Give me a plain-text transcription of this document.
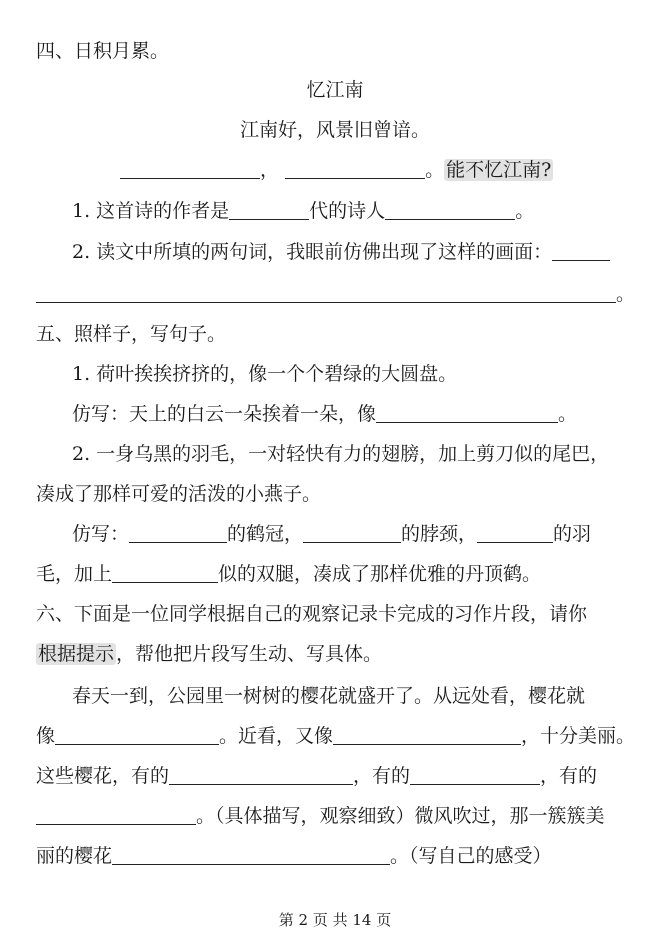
四、日积月累。
忆江南
江南好，风景旧曾谙。
，	。 能不忆江南?
1. 这首诗的作者是	代的诗人	。
2. 读文中所填的两句词，我眼前仿佛出现了这样的画面：
。
五、照样子，写句子。
1. 荷叶挨挨挤挤的，像一个个碧绿的大圆盘。
仿写：天上的白云一朵挨着一朵，像	。
2. 一身乌黑的羽毛，一对轻快有力的翅膀，加上剪刀似的尾巴，
凑成了那样可爱的活泼的小燕子。
仿写：	的鹤冠，	的脖颈，	的羽
毛，加上	似的双腿，凑成了那样优雅的丹顶鹤。
六、下面是一位同学根据自己的观察记录卡完成的习作片段，请你
根据提示 ，帮他把片段写生动、写具体。
春天一到，公园里一树树的樱花就盛开了。从远处看，樱花就
像	。近看，又像	，十分美丽。
这些樱花，有的	，有的	，有的
。（具体描写，观察细致）微风吹过，那一簇簇美
丽的樱花	。（写自己的感受）
第 2 页 共 14 页
